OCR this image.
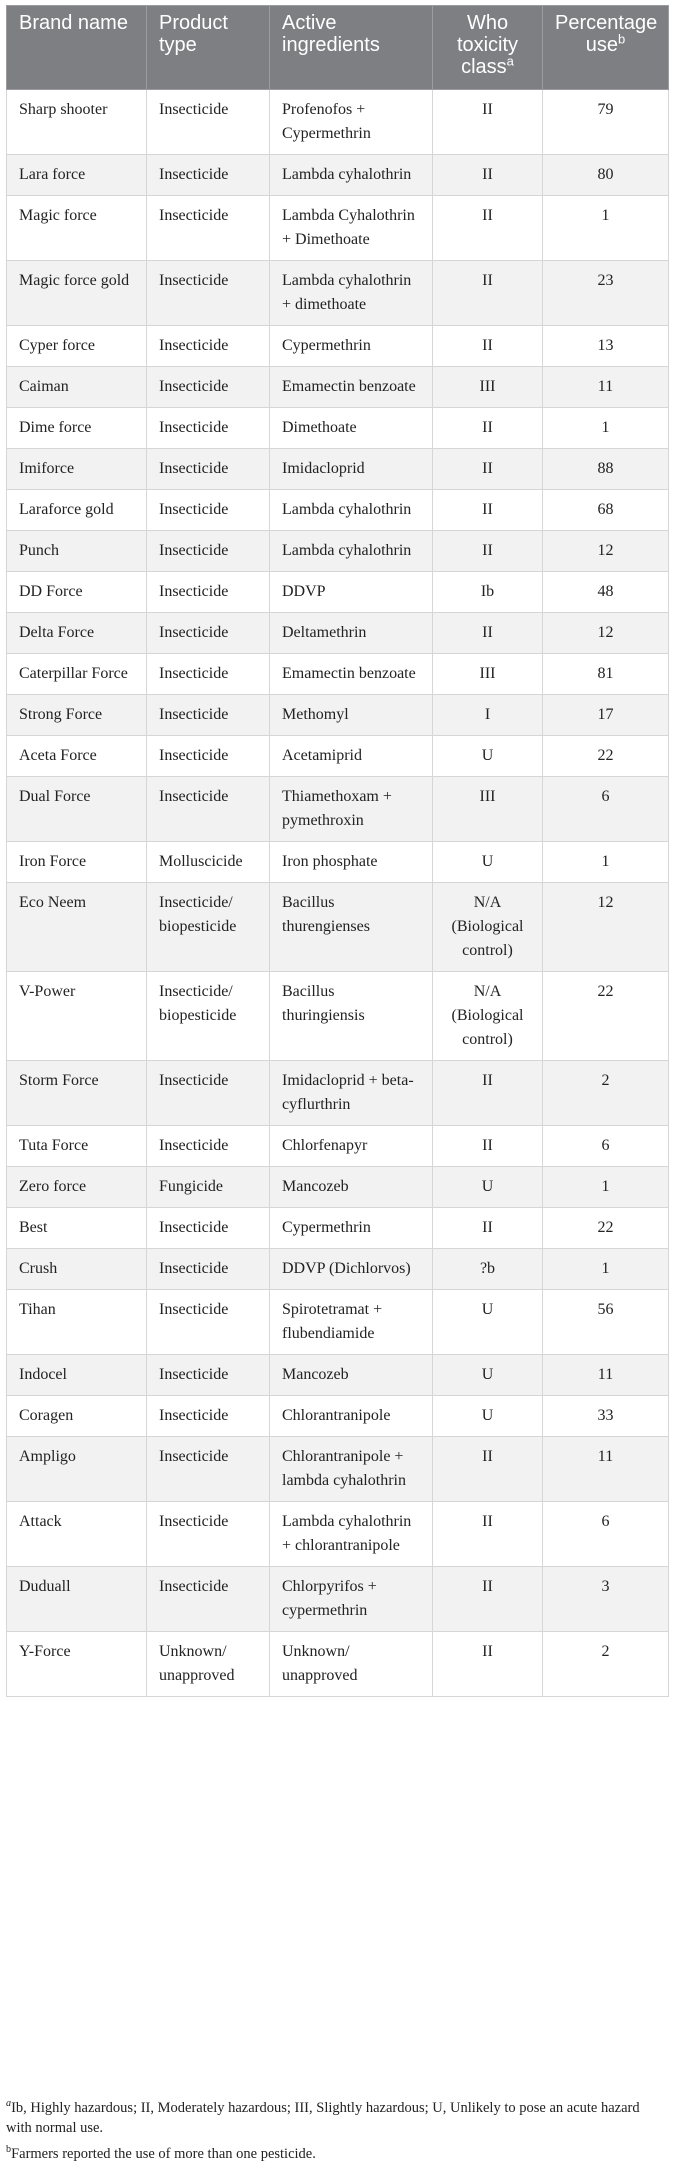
Brand name	Product type	Active ingredients	Who toxicity class$^a$	Percentage use$^b$
Sharp shooter	Insecticide	Profenofos + Cypermethrin	II	79
Lara force	Insecticide	Lambda cyhalothrin	II	80
Magic force	Insecticide	Lambda Cyhalothrin + Dimethoate	II	1
Magic force gold	Insecticide	Lambda cyhalothrin + dimethoate	II	23
Cyper force	Insecticide	Cypermethrin	II	13
Caiman	Insecticide	Emamectin benzoate	III	11
Dime force	Insecticide	Dimethoate	II	1
Imiforce	Insecticide	Imidacloprid	II	88
Laraforce gold	Insecticide	Lambda cyhalothrin	II	68
Punch	Insecticide	Lambda cyhalothrin	II	12
DD Force	Insecticide	DDVP	Ib	48
Delta Force	Insecticide	Deltamethrin	II	12
Caterpillar Force	Insecticide	Emamectin benzoate	III	81
Strong Force	Insecticide	Methomyl	I	17
Aceta Force	Insecticide	Acetamiprid	U	22
Dual Force	Insecticide	Thiamethoxam + pymethroxin	III	6
Iron Force	Molluscicide	Iron phosphate	U	1
Eco Neem	Insecticide/ biopesticide	Bacillus thurengienses	N/A (Biological control)	12
V-Power	Insecticide/ biopesticide	Bacillus thuringiensis	N/A (Biological control)	22
Storm Force	Insecticide	Imidacloprid + beta-cyflurthrin	II	2
Tuta Force	Insecticide	Chlorfenapyr	II	6
Zero force	Fungicide	Mancozeb	U	1
Best	Insecticide	Cypermethrin	II	22
Crush	Insecticide	DDVP (Dichlorvos)	?b	1
Tihan	Insecticide	Spirotetramat + flubendiamide	U	56
Indocel	Insecticide	Mancozeb	U	11
Coragen	Insecticide	Chlorantranipole	U	33
Ampligo	Insecticide	Chlorantranipole + lambda cyhalothrin	II	11
Attack	Insecticide	Lambda cyhalothrin + chlorantranipole	II	6
Duduall	Insecticide	Chlorpyrifos + cypermethrin	II	3
Y-Force	Unknown/ unapproved	Unknown/ unapproved	II	2

$^a$Ib, Highly hazardous; II, Moderately hazardous; III, Slightly hazardous; U, Unlikely to pose an acute hazard with normal use.

$^b$Farmers reported the use of more than one pesticide.
